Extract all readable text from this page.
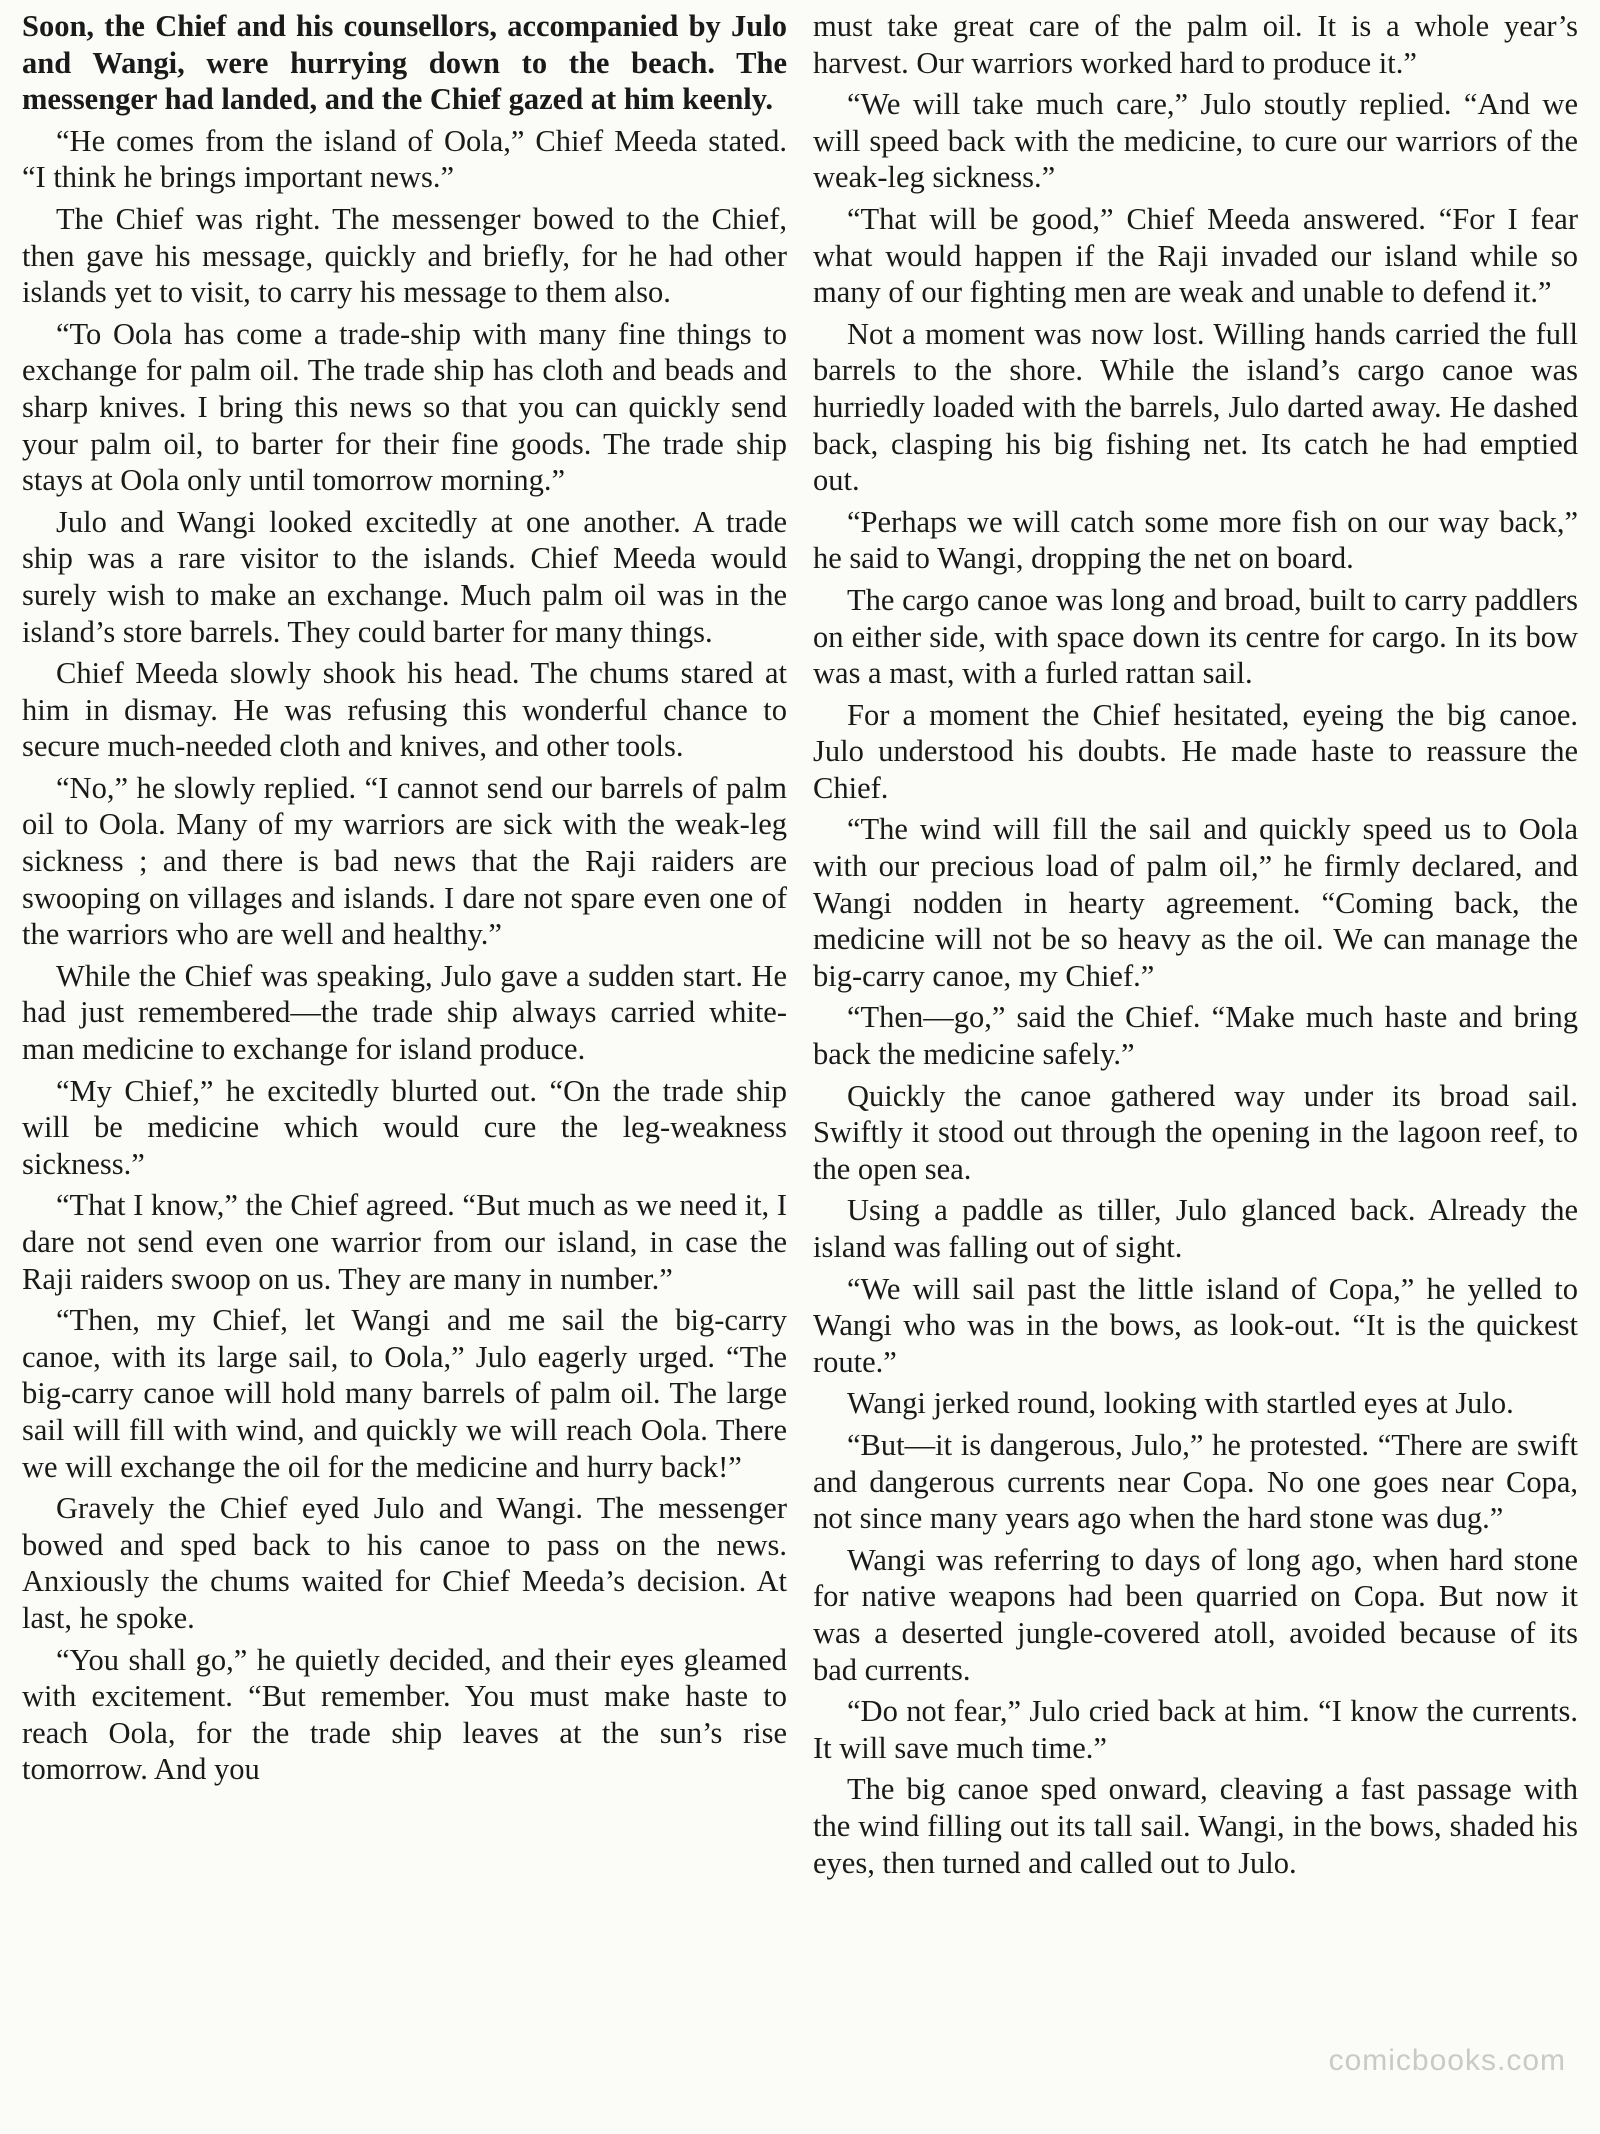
Soon, the Chief and his counsellors, accompanied by Julo and Wangi, were hurrying down to the beach. The messenger had landed, and the Chief gazed at him keenly.

“He comes from the island of Oola,” Chief Meeda stated. “I think he brings important news.”

The Chief was right. The messenger bowed to the Chief, then gave his message, quickly and briefly, for he had other islands yet to visit, to carry his message to them also.

“To Oola has come a trade-ship with many fine things to exchange for palm oil. The trade ship has cloth and beads and sharp knives. I bring this news so that you can quickly send your palm oil, to barter for their fine goods. The trade ship stays at Oola only until tomorrow morning.”

Julo and Wangi looked excitedly at one another. A trade ship was a rare visitor to the islands. Chief Meeda would surely wish to make an exchange. Much palm oil was in the island’s store barrels. They could barter for many things.

Chief Meeda slowly shook his head. The chums stared at him in dismay. He was refusing this wonderful chance to secure much-needed cloth and knives, and other tools.

“No,” he slowly replied. “I cannot send our barrels of palm oil to Oola. Many of my warriors are sick with the weak-leg sickness ; and there is bad news that the Raji raiders are swooping on villages and islands. I dare not spare even one of the warriors who are well and healthy.”

While the Chief was speaking, Julo gave a sudden start. He had just remembered—the trade ship always carried white-man medicine to exchange for island produce.

“My Chief,” he excitedly blurted out. “On the trade ship will be medicine which would cure the leg-weakness sickness.”

“That I know,” the Chief agreed. “But much as we need it, I dare not send even one warrior from our island, in case the Raji raiders swoop on us. They are many in number.”

“Then, my Chief, let Wangi and me sail the big-carry canoe, with its large sail, to Oola,” Julo eagerly urged. “The big-carry canoe will hold many barrels of palm oil. The large sail will fill with wind, and quickly we will reach Oola. There we will exchange the oil for the medicine and hurry back!”

Gravely the Chief eyed Julo and Wangi. The messenger bowed and sped back to his canoe to pass on the news. Anxiously the chums waited for Chief Meeda’s decision. At last, he spoke.

“You shall go,” he quietly decided, and their eyes gleamed with excitement. “But remember. You must make haste to reach Oola, for the trade ship leaves at the sun’s rise tomorrow. And you

must take great care of the palm oil. It is a whole year’s harvest. Our warriors worked hard to produce it.”

“We will take much care,” Julo stoutly replied. “And we will speed back with the medicine, to cure our warriors of the weak-leg sickness.”

“That will be good,” Chief Meeda answered. “For I fear what would happen if the Raji invaded our island while so many of our fighting men are weak and unable to defend it.”

Not a moment was now lost. Willing hands carried the full barrels to the shore. While the island’s cargo canoe was hurriedly loaded with the barrels, Julo darted away. He dashed back, clasping his big fishing net. Its catch he had emptied out.

“Perhaps we will catch some more fish on our way back,” he said to Wangi, dropping the net on board.

The cargo canoe was long and broad, built to carry paddlers on either side, with space down its centre for cargo. In its bow was a mast, with a furled rattan sail.

For a moment the Chief hesitated, eyeing the big canoe. Julo understood his doubts. He made haste to reassure the Chief.

“The wind will fill the sail and quickly speed us to Oola with our precious load of palm oil,” he firmly declared, and Wangi nodden in hearty agreement. “Coming back, the medicine will not be so heavy as the oil. We can manage the big-carry canoe, my Chief.”

“Then—go,” said the Chief. “Make much haste and bring back the medicine safely.”

Quickly the canoe gathered way under its broad sail. Swiftly it stood out through the opening in the lagoon reef, to the open sea.

Using a paddle as tiller, Julo glanced back. Already the island was falling out of sight.

“We will sail past the little island of Copa,” he yelled to Wangi who was in the bows, as look-out. “It is the quickest route.”

Wangi jerked round, looking with startled eyes at Julo.

“But—it is dangerous, Julo,” he protested. “There are swift and dangerous currents near Copa. No one goes near Copa, not since many years ago when the hard stone was dug.”

Wangi was referring to days of long ago, when hard stone for native weapons had been quarried on Copa. But now it was a deserted jungle-covered atoll, avoided because of its bad currents.

“Do not fear,” Julo cried back at him. “I know the currents. It will save much time.”

The big canoe sped onward, cleaving a fast passage with the wind filling out its tall sail. Wangi, in the bows, shaded his eyes, then turned and called out to Julo.

comicbooks.com
